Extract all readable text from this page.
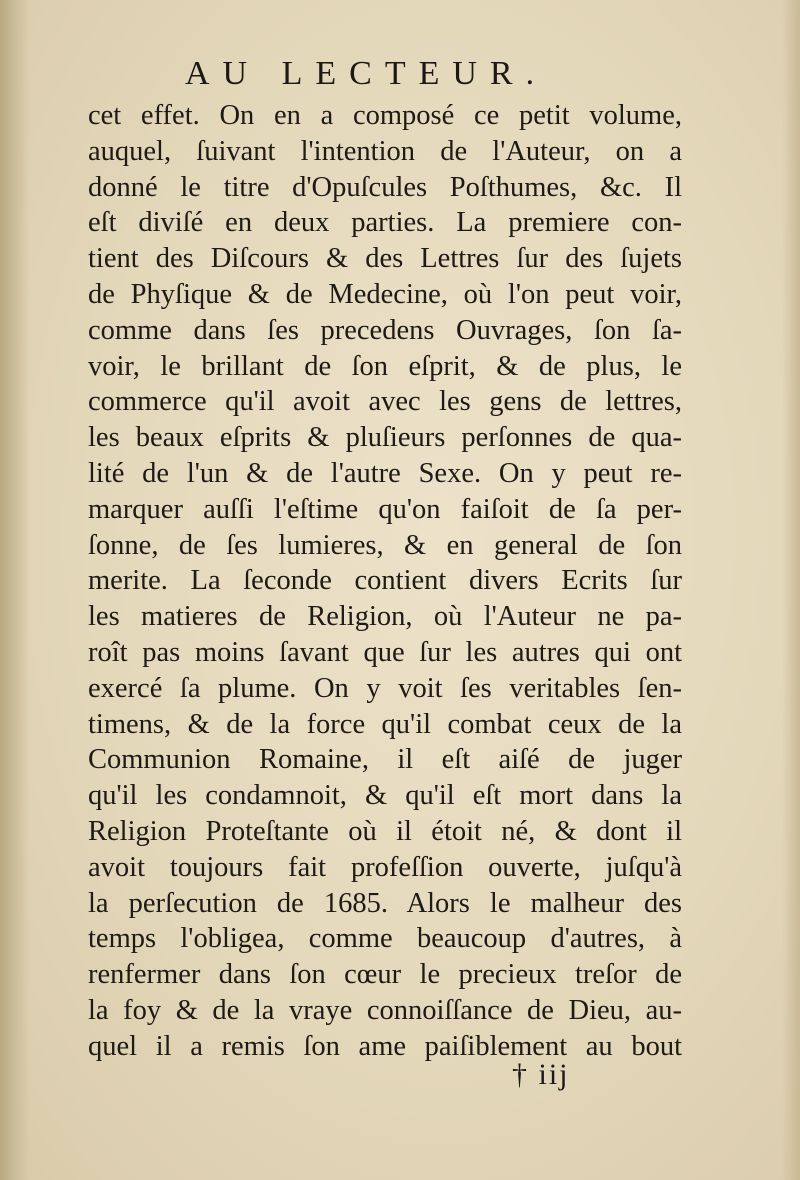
AU LECTEUR.
cet effet. On en a composé ce petit volume,
auquel, ſuivant l'intention de l'Auteur, on a
donné le titre d'Opuſcules Poſthumes, &c. Il
eſt diviſé en deux parties. La premiere con-
tient des Diſcours & des Lettres ſur des ſujets
de Phyſique & de Medecine, où l'on peut voir,
comme dans ſes precedens Ouvrages, ſon ſa-
voir, le brillant de ſon eſprit, & de plus, le
commerce qu'il avoit avec les gens de lettres,
les beaux eſprits & pluſieurs perſonnes de qua-
lité de l'un & de l'autre Sexe. On y peut re-
marquer auſſi l'eſtime qu'on faiſoit de ſa per-
ſonne, de ſes lumieres, & en general de ſon
merite. La ſeconde contient divers Ecrits ſur
les matieres de Religion, où l'Auteur ne pa-
roît pas moins ſavant que ſur les autres qui ont
exercé ſa plume. On y voit ſes veritables ſen-
timens, & de la force qu'il combat ceux de la
Communion Romaine, il eſt aiſé de juger
qu'il les condamnoit, & qu'il eſt mort dans la
Religion Proteſtante où il étoit né, & dont il
avoit toujours fait profeſſion ouverte, juſqu'à
la perſecution de 1685. Alors le malheur des
temps l'obligea, comme beaucoup d'autres, à
renfermer dans ſon cœur le precieux treſor de
la foy & de la vraye connoiſſance de Dieu, au-
quel il a remis ſon ame paiſiblement au bout
† iij
